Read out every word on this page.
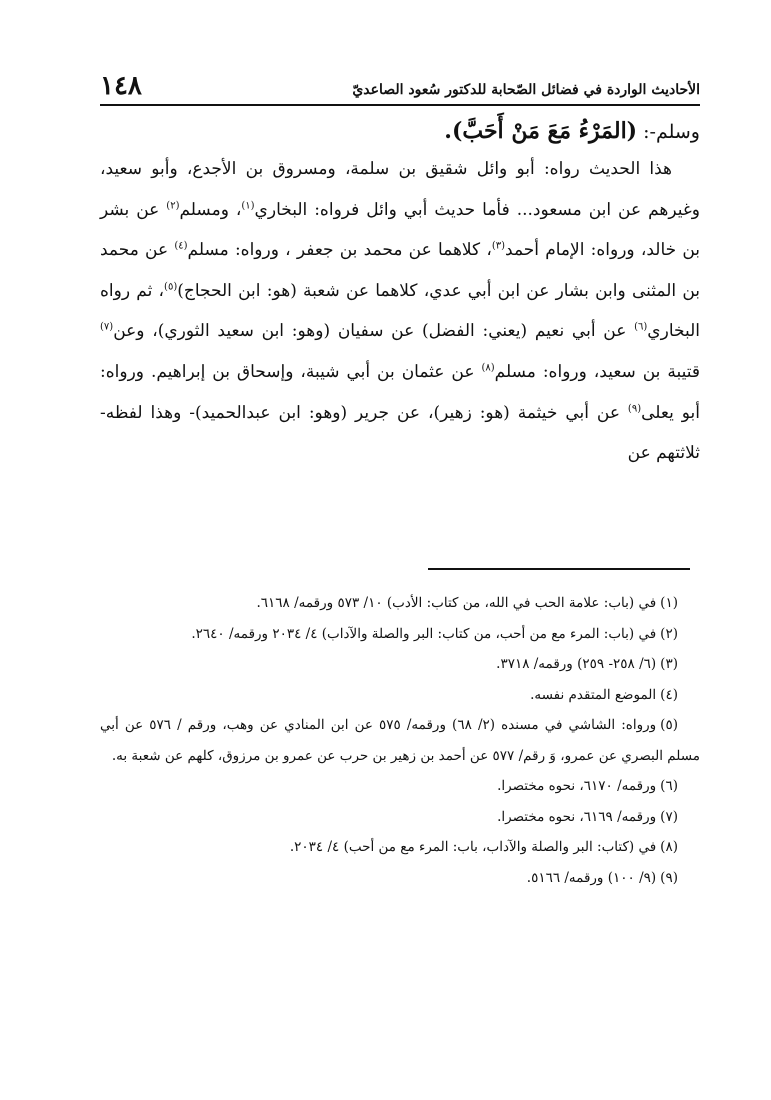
الأحاديث الواردة في فضائل الصّحابة للدكتور سُعود الصاعديّ
١٤٨

وسلم-: (المَرْءُ مَعَ مَنْ أَحَبَّ).

هذا الحديث رواه: أبو وائل شقيق بن سلمة، ومسروق بن الأجدع، وأبو سعيد، وغيرهم عن ابن مسعود... فأما حديث أبي وائل فرواه: البخاري$^{(١)}$، ومسلم$^{(٢)}$ عن بشر بن خالد، ورواه: الإمام أحمد$^{(٣)}$، كلاهما عن محمد بن جعفر ، ورواه: مسلم$^{(٤)}$ عن محمد بن المثنى وابن بشار عن ابن أبي عدي، كلاهما عن شعبة (هو: ابن الحجاج)$^{(٥)}$، ثم رواه البخاري$^{(٦)}$ عن أبي نعيم (يعني: الفضل) عن سفيان (وهو: ابن سعيد الثوري)، وعن$^{(٧)}$ قتيبة بن سعيد، ورواه: مسلم$^{(٨)}$ عن عثمان بن أبي شيبة، وإسحاق بن إبراهيم. ورواه: أبو يعلى$^{(٩)}$ عن أبي خيثمة (هو: زهير)، عن جرير (وهو: ابن عبدالحميد)- وهذا لفظه- ثلاثتهم عن

(١)في (باب: علامة الحب في الله، من كتاب: الأدب) ١٠/ ٥٧٣ ورقمه/ ٦١٦٨.
(٢)في (باب: المرء مع من أحب، من كتاب: البر والصلة والآداب) ٤/ ٢٠٣٤ ورقمه/ ٢٦٤٠.
(٣)(٦/ ٢٥٨- ٢٥٩) ورقمه/ ٣٧١٨.
(٤)الموضع المتقدم نفسه.
(٥)ورواه: الشاشي في مسنده (٢/ ٦٨) ورقمه/ ٥٧٥ عن ابن المنادي عن وهب، ورقم / ٥٧٦ عن أبي مسلم البصري عن عمرو، وَ رقم/ ٥٧٧ عن أحمد بن زهير بن حرب عن عمرو بن مرزوق، كلهم عن شعبة به.
(٦)ورقمه/ ٦١٧٠، نحوه مختصرا.
(٧)ورقمه/ ٦١٦٩، نحوه مختصرا.
(٨)في (كتاب: البر والصلة والآداب، باب: المرء مع من أحب) ٤/ ٢٠٣٤.
(٩)(٩/ ١٠٠) ورقمه/ ٥١٦٦.
